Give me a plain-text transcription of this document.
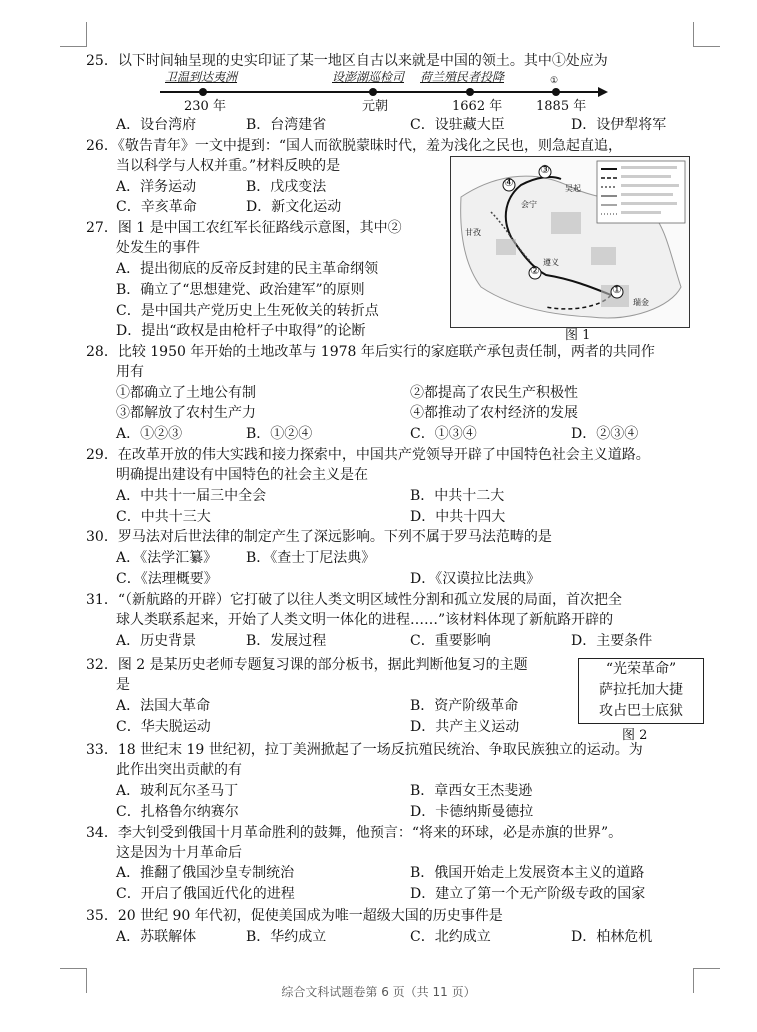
25．以下时间轴呈现的史实印证了某一地区自古以来就是中国的领土。其中①处应为
卫温到达夷洲	设澎湖巡检司 荷兰殖民者投降	①
230 年	元朝	1662 年	1885 年
A．设台湾府	B．台湾建省	C．设驻藏大臣	D．设伊犁将军
26．《敬告青年》一文中提到：“国人而欲脱蒙昧时代，羞为浅化之民也，则急起直追，
当以科学与人权并重。”材料反映的是
A．洋务运动	B．戊戌变法
C．辛亥革命	D．新文化运动
①
②
③
④	吴起
会宁
甘孜
遵义
瑞金
图 1
27．图 1 是中国工农红军长征路线示意图，其中②
处发生的事件
A．提出彻底的反帝反封建的民主革命纲领
B．确立了“思想建党、政治建军”的原则
C．是中国共产党历史上生死攸关的转折点
D．提出“政权是由枪杆子中取得”的论断
28．比较 1950 年开始的土地改革与 1978 年后实行的家庭联产承包责任制，两者的共同作
用有
①都确立了土地公有制	②都提高了农民生产积极性
③都解放了农村生产力	④都推动了农村经济的发展
A．①②③	B．①②④	C．①③④	D．②③④
29．在改革开放的伟大实践和接力探索中，中国共产党领导开辟了中国特色社会主义道路。
明确提出建设有中国特色的社会主义是在
A．中共十一届三中全会	B．中共十二大
C．中共十三大	D．中共十四大
30．罗马法对后世法律的制定产生了深远影响。下列不属于罗马法范畴的是
A．《法学汇纂》 B．《查士丁尼法典》
C．《法理概要》	D．《汉谟拉比法典》
31．“（新航路的开辟）它打破了以往人类文明区域性分割和孤立发展的局面，首次把全
球人类联系起来，开始了人类文明一体化的进程……”该材料体现了新航路开辟的
A．历史背景	B．发展过程	C．重要影响	D．主要条件
32．图 2 是某历史老师专题复习课的部分板书，据此判断他复习的主题
是
A．法国大革命	B．资产阶级革命
C．华夫脱运动	D．共产主义运动
“光荣革命”
萨拉托加大捷
攻占巴士底狱
图 2
33．18 世纪末 19 世纪初，拉丁美洲掀起了一场反抗殖民统治、争取民族独立的运动。为
此作出突出贡献的有
A．玻利瓦尔圣马丁	B．章西女王杰斐逊
C．扎格鲁尔纳赛尔	D．卡德纳斯曼德拉
34．李大钊受到俄国十月革命胜利的鼓舞，他预言：“将来的环球，必是赤旗的世界”。
这是因为十月革命后
A．推翻了俄国沙皇专制统治	B．俄国开始走上发展资本主义的道路
C．开启了俄国近代化的进程	D．建立了第一个无产阶级专政的国家
35．20 世纪 90 年代初，促使美国成为唯一超级大国的历史事件是
A．苏联解体	B．华约成立	C．北约成立	D．柏林危机
综合文科试题卷第 6 页（共 11 页）
